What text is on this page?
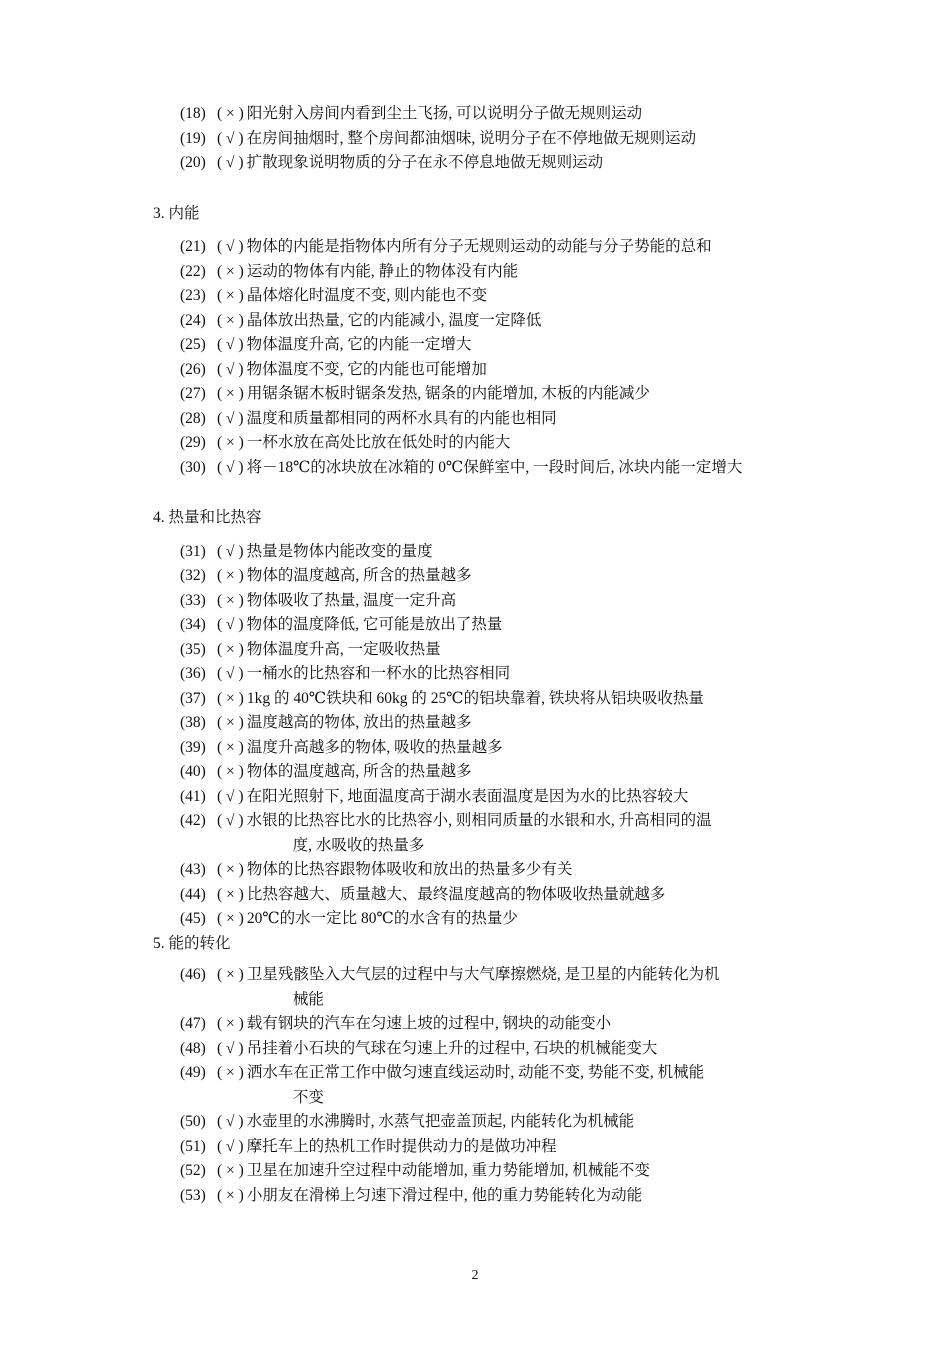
(18) ( × ) 阳光射入房间内看到尘土飞扬, 可以说明分子做无规则运动
(19) ( √ ) 在房间抽烟时, 整个房间都油烟味, 说明分子在不停地做无规则运动
(20) ( √ ) 扩散现象说明物质的分子在永不停息地做无规则运动
3. 内能
(21) ( √ ) 物体的内能是指物体内所有分子无规则运动的动能与分子势能的总和
(22) ( × ) 运动的物体有内能, 静止的物体没有内能
(23) ( × ) 晶体熔化时温度不变, 则内能也不变
(24) ( × ) 晶体放出热量, 它的内能减小, 温度一定降低
(25) ( √ ) 物体温度升高, 它的内能一定增大
(26) ( √ ) 物体温度不变, 它的内能也可能增加
(27) ( × ) 用锯条锯木板时锯条发热, 锯条的内能增加, 木板的内能减少
(28) ( √ ) 温度和质量都相同的两杯水具有的内能也相同
(29) ( × ) 一杯水放在高处比放在低处时的内能大
(30) ( √ ) 将－18℃的冰块放在冰箱的 0℃保鲜室中, 一段时间后, 冰块内能一定增大
4. 热量和比热容
(31) ( √ ) 热量是物体内能改变的量度
(32) ( × ) 物体的温度越高, 所含的热量越多
(33) ( × ) 物体吸收了热量, 温度一定升高
(34) ( √ ) 物体的温度降低, 它可能是放出了热量
(35) ( × ) 物体温度升高, 一定吸收热量
(36) ( √ ) 一桶水的比热容和一杯水的比热容相同
(37) ( × ) 1kg 的 40℃铁块和 60kg 的 25℃的铝块靠着, 铁块将从铝块吸收热量
(38) ( × ) 温度越高的物体, 放出的热量越多
(39) ( × ) 温度升高越多的物体, 吸收的热量越多
(40) ( × ) 物体的温度越高, 所含的热量越多
(41) ( √ ) 在阳光照射下, 地面温度高于湖水表面温度是因为水的比热容较大
(42) ( √ ) 水银的比热容比水的比热容小, 则相同质量的水银和水, 升高相同的温
度, 水吸收的热量多
(43) ( × ) 物体的比热容跟物体吸收和放出的热量多少有关
(44) ( × ) 比热容越大、质量越大、最终温度越高的物体吸收热量就越多
(45) ( × ) 20℃的水一定比 80℃的水含有的热量少
5. 能的转化
(46) ( × ) 卫星残骸坠入大气层的过程中与大气摩擦燃烧, 是卫星的内能转化为机
械能
(47) ( × ) 载有钢块的汽车在匀速上坡的过程中, 钢块的动能变小
(48) ( √ ) 吊挂着小石块的气球在匀速上升的过程中, 石块的机械能变大
(49) ( × ) 洒水车在正常工作中做匀速直线运动时, 动能不变, 势能不变, 机械能
不变
(50) ( √ ) 水壶里的水沸腾时, 水蒸气把壶盖顶起, 内能转化为机械能
(51) ( √ ) 摩托车上的热机工作时提供动力的是做功冲程
(52) ( × ) 卫星在加速升空过程中动能增加, 重力势能增加, 机械能不变
(53) ( × ) 小朋友在滑梯上匀速下滑过程中, 他的重力势能转化为动能
2
